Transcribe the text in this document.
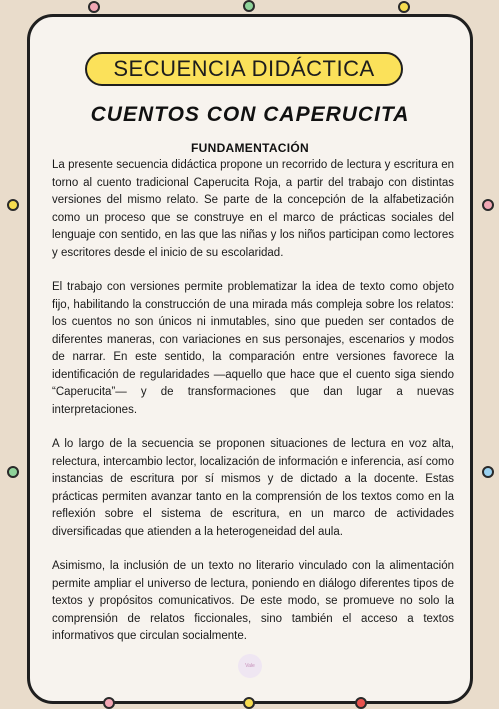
SECUENCIA DIDÁCTICA
CUENTOS CON CAPERUCITA
FUNDAMENTACIÓN

La presente secuencia didáctica propone un recorrido de lectura y escritura en torno al cuento tradicional Caperucita Roja, a partir del trabajo con distintas versiones del mismo relato. Se parte de la concepción de la alfabetización como un proceso que se construye en el marco de prácticas sociales del lenguaje con sentido, en las que las niñas y los niños participan como lectores y escritores desde el inicio de su escolaridad.

El trabajo con versiones permite problematizar la idea de texto como objeto fijo, habilitando la construcción de una mirada más compleja sobre los relatos: los cuentos no son únicos ni inmutables, sino que pueden ser contados de diferentes maneras, con variaciones en sus personajes, escenarios y modos de narrar. En este sentido, la comparación entre versiones favorece la identificación de regularidades —aquello que hace que el cuento siga siendo “Caperucita”— y de transformaciones que dan lugar a nuevas interpretaciones.

A lo largo de la secuencia se proponen situaciones de lectura en voz alta, relectura, intercambio lector, localización de información e inferencia, así como instancias de escritura por sí mismos y de dictado a la docente. Estas prácticas permiten avanzar tanto en la comprensión de los textos como en la reflexión sobre el sistema de escritura, en un marco de actividades diversificadas que atienden a la heterogeneidad del aula.

Asimismo, la inclusión de un texto no literario vinculado con la alimentación permite ampliar el universo de lectura, poniendo en diálogo diferentes tipos de textos y propósitos comunicativos. De este modo, se promueve no solo la comprensión de relatos ficcionales, sino también el acceso a textos informativos que circulan socialmente.

Vale
